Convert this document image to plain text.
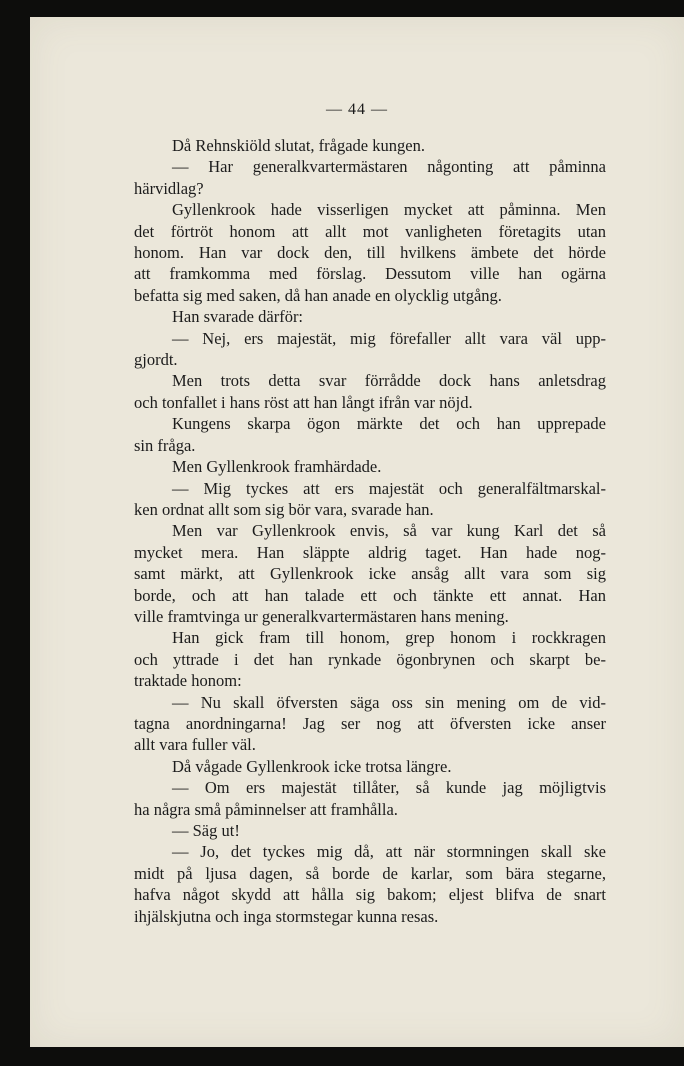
— 44 —
Då Rehnskiöld slutat, frågade kungen.
— Har generalkvartermästaren någonting att påminna
härvidlag?
Gyllenkrook hade visserligen mycket att påminna. Men
det förtröt honom att allt mot vanligheten företagits utan
honom. Han var dock den, till hvilkens ämbete det hörde
att framkomma med förslag. Dessutom ville han ogärna
befatta sig med saken, då han anade en olycklig utgång.
Han svarade därför:
— Nej, ers majestät, mig förefaller allt vara väl upp-
gjordt.
Men trots detta svar förrådde dock hans anletsdrag
och tonfallet i hans röst att han långt ifrån var nöjd.
Kungens skarpa ögon märkte det och han upprepade
sin fråga.
Men Gyllenkrook framhärdade.
— Mig tyckes att ers majestät och generalfältmarskal-
ken ordnat allt som sig bör vara, svarade han.
Men var Gyllenkrook envis, så var kung Karl det så
mycket mera. Han släppte aldrig taget. Han hade nog-
samt märkt, att Gyllenkrook icke ansåg allt vara som sig
borde, och att han talade ett och tänkte ett annat. Han
ville framtvinga ur generalkvartermästaren hans mening.
Han gick fram till honom, grep honom i rockkragen
och yttrade i det han rynkade ögonbrynen och skarpt be-
traktade honom:
— Nu skall öfversten säga oss sin mening om de vid-
tagna anordningarna! Jag ser nog att öfversten icke anser
allt vara fuller väl.
Då vågade Gyllenkrook icke trotsa längre.
— Om ers majestät tillåter, så kunde jag möjligtvis
ha några små påminnelser att framhålla.
— Säg ut!
— Jo, det tyckes mig då, att när stormningen skall ske
midt på ljusa dagen, så borde de karlar, som bära stegarne,
hafva något skydd att hålla sig bakom; eljest blifva de snart
ihjälskjutna och inga stormstegar kunna resas.
